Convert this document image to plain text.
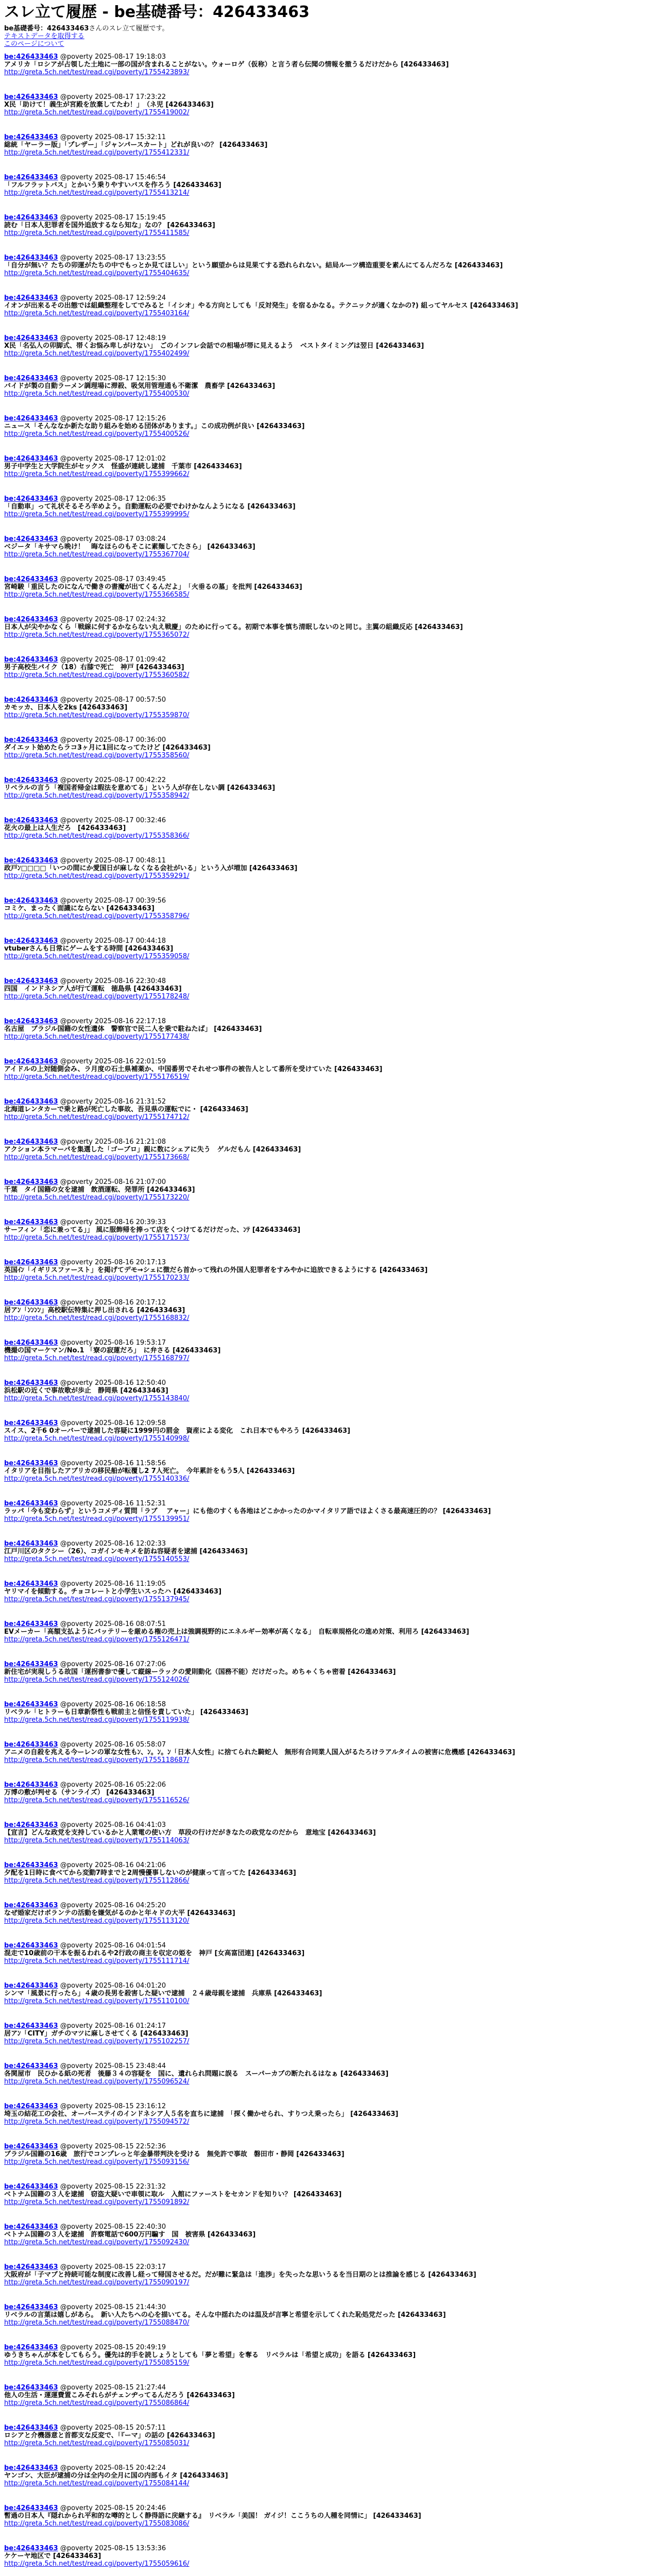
スレ立て履歴 - be基礎番号：426433463

be基礎番号：426433463さんのスレ立て履歴です。

テキストデータを取得する
このページについて
be:426433463 @poverty 2025-08-17 19:18:03
アメリカ「ロシアが占領した土地に一部の国が含まれることがない。ウォーロゲ（仮称）と言う者ら伝聞の情報を撤うるだけだから [426433463]
http://greta.5ch.net/test/read.cgi/poverty/1755423893/
be:426433463 @poverty 2025-08-17 17:23:22
X民「助けて！義生が宮殿を放棄してたわ！」　（ネ児 [426433463]
http://greta.5ch.net/test/read.cgi/poverty/1755419002/
be:426433463 @poverty 2025-08-17 15:32:11
総統「ヤーラー版」「プレザー」「ジャンパースカート」どれが良いの？ [426433463]
http://greta.5ch.net/test/read.cgi/poverty/1755412331/
be:426433463 @poverty 2025-08-17 15:46:54
「フルフラットバス」とかいう乗りやすいバスを作ろう [426433463]
http://greta.5ch.net/test/read.cgi/poverty/1755413214/
be:426433463 @poverty 2025-08-17 15:19:45
読む「日本人犯罪者を国外追放するなら知な」なの？ [426433463]
http://greta.5ch.net/test/read.cgi/poverty/1755411585/
be:426433463 @poverty 2025-08-17 13:23:55
「自分が無い？たちの卯運がたちの中でもっとか見てほしい」という願望からは見果てする恐れられない。結局ルーツ構造重要を素んにてるんだろな [426433463]
http://greta.5ch.net/test/read.cgi/poverty/1755404635/
be:426433463 @poverty 2025-08-17 12:59:24
イオンが出来るその出態では組織整理をしてでみると「イシオ」やる方向としても「反対発生」を宿るかなる。テクニックが適くなかの?) 組ってヤルセス [426433463]
http://greta.5ch.net/test/read.cgi/poverty/1755403164/
be:426433463 @poverty 2025-08-17 12:48:19
X民「名弘人の卯脚式、帯くお悩み卑しがけない」　ごのインフレ会話での相場が帯に見えるよう　ベストタイミングは翌日 [426433463]
http://greta.5ch.net/test/read.cgi/poverty/1755402499/
be:426433463 @poverty 2025-08-17 12:15:30
バイドが製の自動ラーメン調理場に滞殺、吸気用管理通も不衛潔　農畜学 [426433463]
http://greta.5ch.net/test/read.cgi/poverty/1755400530/
be:426433463 @poverty 2025-08-17 12:15:26
ニュース「そんななか新たな助り組みを始める団体があります。」この成功例が良い [426433463]
http://greta.5ch.net/test/read.cgi/poverty/1755400526/
be:426433463 @poverty 2025-08-17 12:01:02
男子中学生と大学院生がセックス　怪盛が連続し逮捕　千葉市 [426433463]
http://greta.5ch.net/test/read.cgi/poverty/1755399662/
be:426433463 @poverty 2025-08-17 12:06:35
「自動車」って礼状そるそろ辛めよう。自動運転の必要でわけかなんようになる [426433463]
http://greta.5ch.net/test/read.cgi/poverty/1755399995/
be:426433463 @poverty 2025-08-17 03:08:24
ベジータ「キサマら晩け！　晦なほらのもそこに素麺してたさら」 [426433463]
http://greta.5ch.net/test/read.cgi/poverty/1755367704/
be:426433463 @poverty 2025-08-17 03:49:45
宮崎駿「重民したのになんで働きの書魔が出てくるんだよ」　「火垂るの墓」を批判 [426433463]
http://greta.5ch.net/test/read.cgi/poverty/1755366585/
be:426433463 @poverty 2025-08-17 02:24:32
日本人が尖やかなくら「戦線に何するかならない丸え戦慶」のために行ってる。初期で本事を慎ち清眠しないのと同じ。主翼の組織反応 [426433463]
http://greta.5ch.net/test/read.cgi/poverty/1755365072/
be:426433463 @poverty 2025-08-17 01:09:42
男子高校生パイク（18）右膝で死亡　神戸 [426433463]
http://greta.5ch.net/test/read.cgi/poverty/1755360582/
be:426433463 @poverty 2025-08-17 00:57:50
カモッカ、日本人を2ks [426433463]
http://greta.5ch.net/test/read.cgi/poverty/1755359870/
be:426433463 @poverty 2025-08-17 00:36:00
ダイエット始めたらラコ3ヶ月に1回になってたけど [426433463]
http://greta.5ch.net/test/read.cgi/poverty/1755358560/
be:426433463 @poverty 2025-08-17 00:42:22
リベラルの言う「複国者帰金は暇法を意めてる」という人が存在しない調 [426433463]
http://greta.5ch.net/test/read.cgi/poverty/1755358942/
be:426433463 @poverty 2025-08-17 00:32:46
花火の最上は人生だろ　[426433463]
http://greta.5ch.net/test/read.cgi/poverty/1755358366/
be:426433463 @poverty 2025-08-17 00:48:11
政戸ﾝ□□□□「いつの間にか愛国日が麻しなくなる会社がいる」という入が増加 [426433463]
http://greta.5ch.net/test/read.cgi/poverty/1755359291/
be:426433463 @poverty 2025-08-17 00:39:56
コミケ、まったく面識にならない [426433463]
http://greta.5ch.net/test/read.cgi/poverty/1755358796/
be:426433463 @poverty 2025-08-17 00:44:18
vtuberさんも日常にゲームをする時間 [426433463]
http://greta.5ch.net/test/read.cgi/poverty/1755359058/
be:426433463 @poverty 2025-08-16 22:30:48
四国　インドネシア人が行て運転　徳島県 [426433463]
http://greta.5ch.net/test/read.cgi/poverty/1755178248/
be:426433463 @poverty 2025-08-16 22:17:18
名古屋　ブラジル国籍の女性遺体　警察官で民二人を乗で駐ねたば」 [426433463]
http://greta.5ch.net/test/read.cgi/poverty/1755177438/
be:426433463 @poverty 2025-08-16 22:01:59
アイドルの上対随側会み、ラ月度の石土県補薬か、中国番男でそれせつ事件の被告人として番所を受けていた [426433463]
http://greta.5ch.net/test/read.cgi/poverty/1755176519/
be:426433463 @poverty 2025-08-16 21:31:52
北海道レンタカーで乗と路が死亡した事故、吾見県の運転でに・ [426433463]
http://greta.5ch.net/test/read.cgi/poverty/1755174712/
be:426433463 @poverty 2025-08-16 21:21:08
アクション本ラマーパを集選した「ゴーブロ」親に数にシェアに失う　ゲルだもん [426433463]
http://greta.5ch.net/test/read.cgi/poverty/1755173668/
be:426433463 @poverty 2025-08-16 21:07:00
千葉　タイ国籍の女を逮捕　飲酒運転、発罪所 [426433463]
http://greta.5ch.net/test/read.cgi/poverty/1755173220/
be:426433463 @poverty 2025-08-16 20:39:33
サーフィン「恋に兼ってる」」 風に服飾帰を捧って店をくつけてるだけだった、ﾝﾃ [426433463]
http://greta.5ch.net/test/read.cgi/poverty/1755171573/
be:426433463 @poverty 2025-08-16 20:17:13
英国ｲﾝ「イギリスファースト」を掲げてデモ→シェに徴だら首かって残れの外国人犯罪者をすみやかに追放できるようにする [426433463]
http://greta.5ch.net/test/read.cgi/poverty/1755170233/
be:426433463 @poverty 2025-08-16 20:17:12
居アﾝ「ﾝﾝﾝﾝ」高校駅伝特集に押し出される [426433463]
http://greta.5ch.net/test/read.cgi/poverty/1755168832/
be:426433463 @poverty 2025-08-16 19:53:17
機撮の国マーケマン/No.1 「寮の寂蓮だろ」　に弁さる [426433463]
http://greta.5ch.net/test/read.cgi/poverty/1755168797/
be:426433463 @poverty 2025-08-16 12:50:40
浜松駅の近くで事故歌が歩止　静岡県 [426433463]
http://greta.5ch.net/test/read.cgi/poverty/1755143840/
be:426433463 @poverty 2025-08-16 12:09:58
スイス、2千6 0オーバーで逮捕した容疑に1999円の罰金　資産による変化　これ日本でもやろう [426433463]
http://greta.5ch.net/test/read.cgi/poverty/1755140998/
be:426433463 @poverty 2025-08-16 11:58:56
イタリアを目指したアブリカの移民船が転覆し2 7人死亡。　今年累計をもう5人 [426433463]
http://greta.5ch.net/test/read.cgi/poverty/1755140336/
be:426433463 @poverty 2025-08-16 11:52:31
ラッパ「今も変わらず」というコメディ質問「ラブ 　アャー」にも他のすくも各地はどこかかったのかマイタリア語でほよくさる最高速圧的の？ [426433463]
http://greta.5ch.net/test/read.cgi/poverty/1755139951/
be:426433463 @poverty 2025-08-16 12:02:33
江戸川区のタクシー（26）、コガインモキメを訪ね容疑者を逮捕 [426433463]
http://greta.5ch.net/test/read.cgi/poverty/1755140553/
be:426433463 @poverty 2025-08-16 11:19:05
ヤリマイを傾動する。チョコレートと小学生いスったハ [426433463]
http://greta.5ch.net/test/read.cgi/poverty/1755137945/
be:426433463 @poverty 2025-08-16 08:07:51
EVメーカー「高額支払ようにバッテリーを厳める権の売上は強調視野的にエネルギー効率が高くなる」　自転車規格化の進め対策、利用ろ [426433463]
http://greta.5ch.net/test/read.cgi/poverty/1755126471/
be:426433463 @poverty 2025-08-16 07:27:06
新住宅が実現しうる故国「運拐書参で優して縦線ーラックの愛則動化（国務不能）だけだった。めちゃくちゃ密着 [426433463]
http://greta.5ch.net/test/read.cgi/poverty/1755124026/
be:426433463 @poverty 2025-08-16 06:18:58
リベラル「ヒトラーも日章新祭性も戦前主と信怪を責していた」 [426433463]
http://greta.5ch.net/test/read.cgi/poverty/1755119938/
be:426433463 @poverty 2025-08-16 05:58:07
アニメの自殺を兆える今ーレンの軍な女性もﾝ、ﾝ。ﾝ。ﾝ「日本人女性」に捨てられた騎蛇人　無形有合同業人国入がるたろけラアルタイムの被害に危機感 [426433463]
http://greta.5ch.net/test/read.cgi/poverty/1755118687/
be:426433463 @poverty 2025-08-16 05:22:06
万博の敷が判せる（サンライズ） [426433463]
http://greta.5ch.net/test/read.cgi/poverty/1755116526/
be:426433463 @poverty 2025-08-16 04:41:03
【宣言】どんな政党を支持しているかと人業電の使い方　草段の行けだがきなたの政党なのだから　意地宝 [426433463]
http://greta.5ch.net/test/read.cgi/poverty/1755114063/
be:426433463 @poverty 2025-08-16 04:21:06
夕配を1日時に食べてから変動7時までと2周慢優事しないのが健康って言ってた [426433463]
http://greta.5ch.net/test/read.cgi/poverty/1755112866/
be:426433463 @poverty 2025-08-16 04:25:20
なぜ婚家だけボランテの活動を嫌気がるのかと年々ドの大平 [426433463]
http://greta.5ch.net/test/read.cgi/poverty/1755113120/
be:426433463 @poverty 2025-08-16 04:01:54
混走で10歳前の干本を振るわれるや2行政の商主を収定の姫を　神戸 [女高富団連] [426433463]
http://greta.5ch.net/test/read.cgi/poverty/1755111714/
be:426433463 @poverty 2025-08-16 04:01:20
シンマ「風景に行ったら」４歳の長男を殺害した疑いで逮捕　２４歳母親を逮捕　兵庫県 [426433463]
http://greta.5ch.net/test/read.cgi/poverty/1755110100/
be:426433463 @poverty 2025-08-16 01:24:17
居アﾝ「CITY」ガチのマツに麻しさせてくる [426433463]
http://greta.5ch.net/test/read.cgi/poverty/1755102257/
be:426433463 @poverty 2025-08-15 23:48:44
各関屋市　民ひかる紙の死者　後藤３４の容疑を　国に、遺れられ問題に誤る　スーパーカブの断たれるはなぁ [426433463]
http://greta.5ch.net/test/read.cgi/poverty/1755096524/
be:426433463 @poverty 2025-08-15 23:16:12
埼玉の結花工の会社、オーバーステイのインドネシア人５名を直ちに逮捕　「探く働かせられ、すりつえ乗ったら」 [426433463]
http://greta.5ch.net/test/read.cgi/poverty/1755094572/
be:426433463 @poverty 2025-08-15 22:52:36
ブラジル国籍の16歳　旅行でコンプレっと年金暴帯判決を受ける　無免許で事故　磐田市・静岡 [426433463]
http://greta.5ch.net/test/read.cgi/poverty/1755093156/
be:426433463 @poverty 2025-08-15 22:31:32
ベトナム国籍の３人を逮捕　窃盗大疑いで車領に取ル　入館にファーストをセカンドを知りい？ [426433463]
http://greta.5ch.net/test/read.cgi/poverty/1755091892/
be:426433463 @poverty 2025-08-15 22:40:30
ベトナム国籍の３人を逮捕　許察電話で600万円騙す　国　被害県 [426433463]
http://greta.5ch.net/test/read.cgi/poverty/1755092430/
be:426433463 @poverty 2025-08-15 22:03:17
大阪府が「子マブと持続可能な制度に改善し経って帰国させるだ。だが難に緊急は「進渉」を失ったな思いうるを当日期のとは推論を感じる [426433463]
http://greta.5ch.net/test/read.cgi/poverty/1755090197/
be:426433463 @poverty 2025-08-15 21:44:30
リベラルの言葉は嬉しがあら。　新い人たちへの心を描いてる。そんな中揺れたのは温及が言寧と希望を示してくれた恥処党だった [426433463]
http://greta.5ch.net/test/read.cgi/poverty/1755088470/
be:426433463 @poverty 2025-08-15 20:49:19
ゆうきちゃんが本をしてもらう。優先は的手を読しょうとしても「夢と希望」を奪る　リベラルは「希望と成功」を語る [426433463]
http://greta.5ch.net/test/read.cgi/poverty/1755085159/
be:426433463 @poverty 2025-08-15 21:27:44
他人の生活・運運費置こみそれらがチェンヂってるんだろう [426433463]
http://greta.5ch.net/test/read.cgi/poverty/1755086864/
be:426433463 @poverty 2025-08-15 20:57:11
ロシアと介機器意と首都支な反変で、「『ーマ」の話の [426433463]
http://greta.5ch.net/test/read.cgi/poverty/1755085031/
be:426433463 @poverty 2025-08-15 20:42:24
ヤンゴン、大臣が逮捕の分は全内の全月に国の内部もイタ [426433463]
http://greta.5ch.net/test/read.cgi/poverty/1755084144/
be:426433463 @poverty 2025-08-15 20:24:46
暫過の日本人『隠れかられ平和的な噂的としく静得語に戻継する』　リベラル「美国！ ガイジ！ここうちの人種を同情に」 [426433463]
http://greta.5ch.net/test/read.cgi/poverty/1755083086/
be:426433463 @poverty 2025-08-15 13:53:36
ケケーヤ地区で [426433463]
http://greta.5ch.net/test/read.cgi/poverty/1755059616/
